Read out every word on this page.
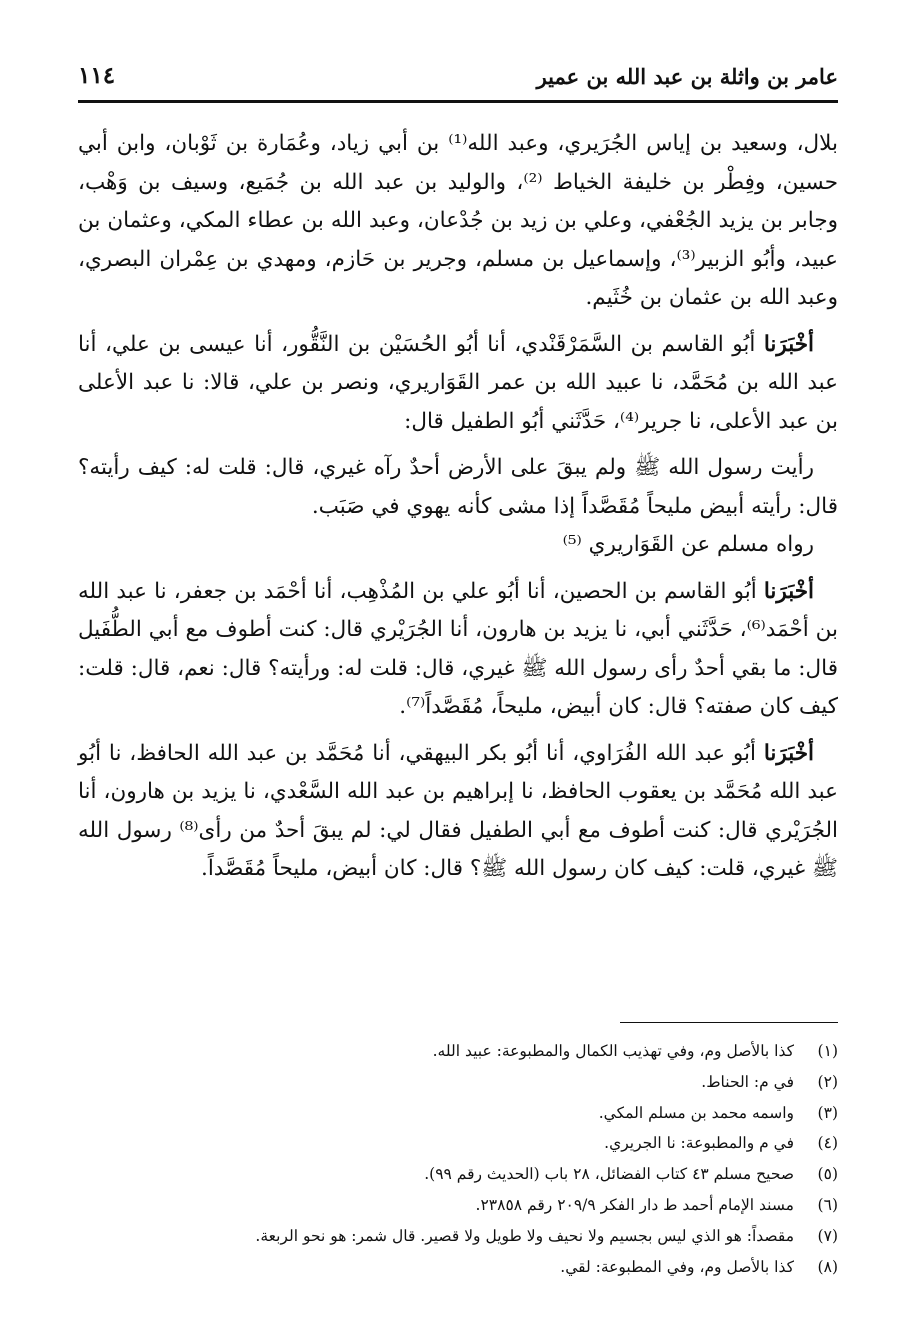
عامر بن واثلة بن عبد الله بن عمير
١١٤

بلال، وسعيد بن إياس الجُرَيري، وعبد الله⁽¹⁾ بن أبي زياد، وعُمَارة بن ثَوْبان، وابن أبي حسين، وفِطْر بن خليفة الخياط ⁽²⁾، والوليد بن عبد الله بن جُمَيع، وسيف بن وَهْب، وجابر بن يزيد الجُعْفي، وعلي بن زيد بن جُدْعان، وعبد الله بن عطاء المكي، وعثمان بن عبيد، وأبُو الزبير⁽³⁾، وإسماعيل بن مسلم، وجرير بن حَازم، ومهدي بن عِمْران البصري، وعبد الله بن عثمان بن خُثَيم.

أخْبَرَنا أبُو القاسم بن السَّمَرْقَنْدي، أنا أبُو الحُسَيْن بن النَّقُّور، أنا عيسى بن علي، أنا عبد الله بن مُحَمَّد، نا عبيد الله بن عمر القَوَاريري، ونصر بن علي، قالا: نا عبد الأعلى بن عبد الأعلى، نا جرير⁽⁴⁾، حَدَّثَني أبُو الطفيل قال:

رأيت رسول الله ﷺ ولم يبقَ على الأرض أحدٌ رآه غيري، قال: قلت له: كيف رأيته؟ قال: رأيته أبيض مليحاً مُقَصَّداً إذا مشى كأنه يهوي في صَبَب.

رواه مسلم عن القَوَاريري ⁽⁵⁾

أخْبَرَنا أبُو القاسم بن الحصين، أنا أبُو علي بن المُذْهِب، أنا أحْمَد بن جعفر، نا عبد الله بن أحْمَد⁽⁶⁾، حَدَّثَني أبي، نا يزيد بن هارون، أنا الجُرَيْري قال: كنت أطوف مع أبي الطُّفَيل قال: ما بقي أحدٌ رأى رسول الله ﷺ غيري، قال: قلت له: ورأيته؟ قال: نعم، قال: قلت: كيف كان صفته؟ قال: كان أبيض، مليحاً، مُقَصَّداً⁽⁷⁾.

أخْبَرَنا أبُو عبد الله الفُرَاوي، أنا أبُو بكر البيهقي، أنا مُحَمَّد بن عبد الله الحافظ، نا أبُو عبد الله مُحَمَّد بن يعقوب الحافظ، نا إبراهيم بن عبد الله السَّعْدي، نا يزيد بن هارون، أنا الجُرَيْري قال: كنت أطوف مع أبي الطفيل فقال لي: لم يبقَ أحدٌ من رأى⁽⁸⁾ رسول الله ﷺ غيري، قلت: كيف كان رسول الله ﷺ؟ قال: كان أبيض، مليحاً مُقَصَّداً.

(١)
كذا بالأصل وم، وفي تهذيب الكمال والمطبوعة: عبيد الله.
(٢)
في م: الحناط.
(٣)
واسمه محمد بن مسلم المكي.
(٤)
في م والمطبوعة: نا الجريري.
(٥)
صحيح مسلم ٤٣ كتاب الفضائل، ٢٨ باب (الحديث رقم ٩٩).
(٦)
مسند الإمام أحمد ط دار الفكر ٢٠٩/٩ رقم ٢٣٨٥٨.
(٧)
مقصداً: هو الذي ليس بجسيم ولا نحيف ولا طويل ولا قصير. قال شمر: هو نحو الربعة.
(٨)
كذا بالأصل وم، وفي المطبوعة: لقي.
